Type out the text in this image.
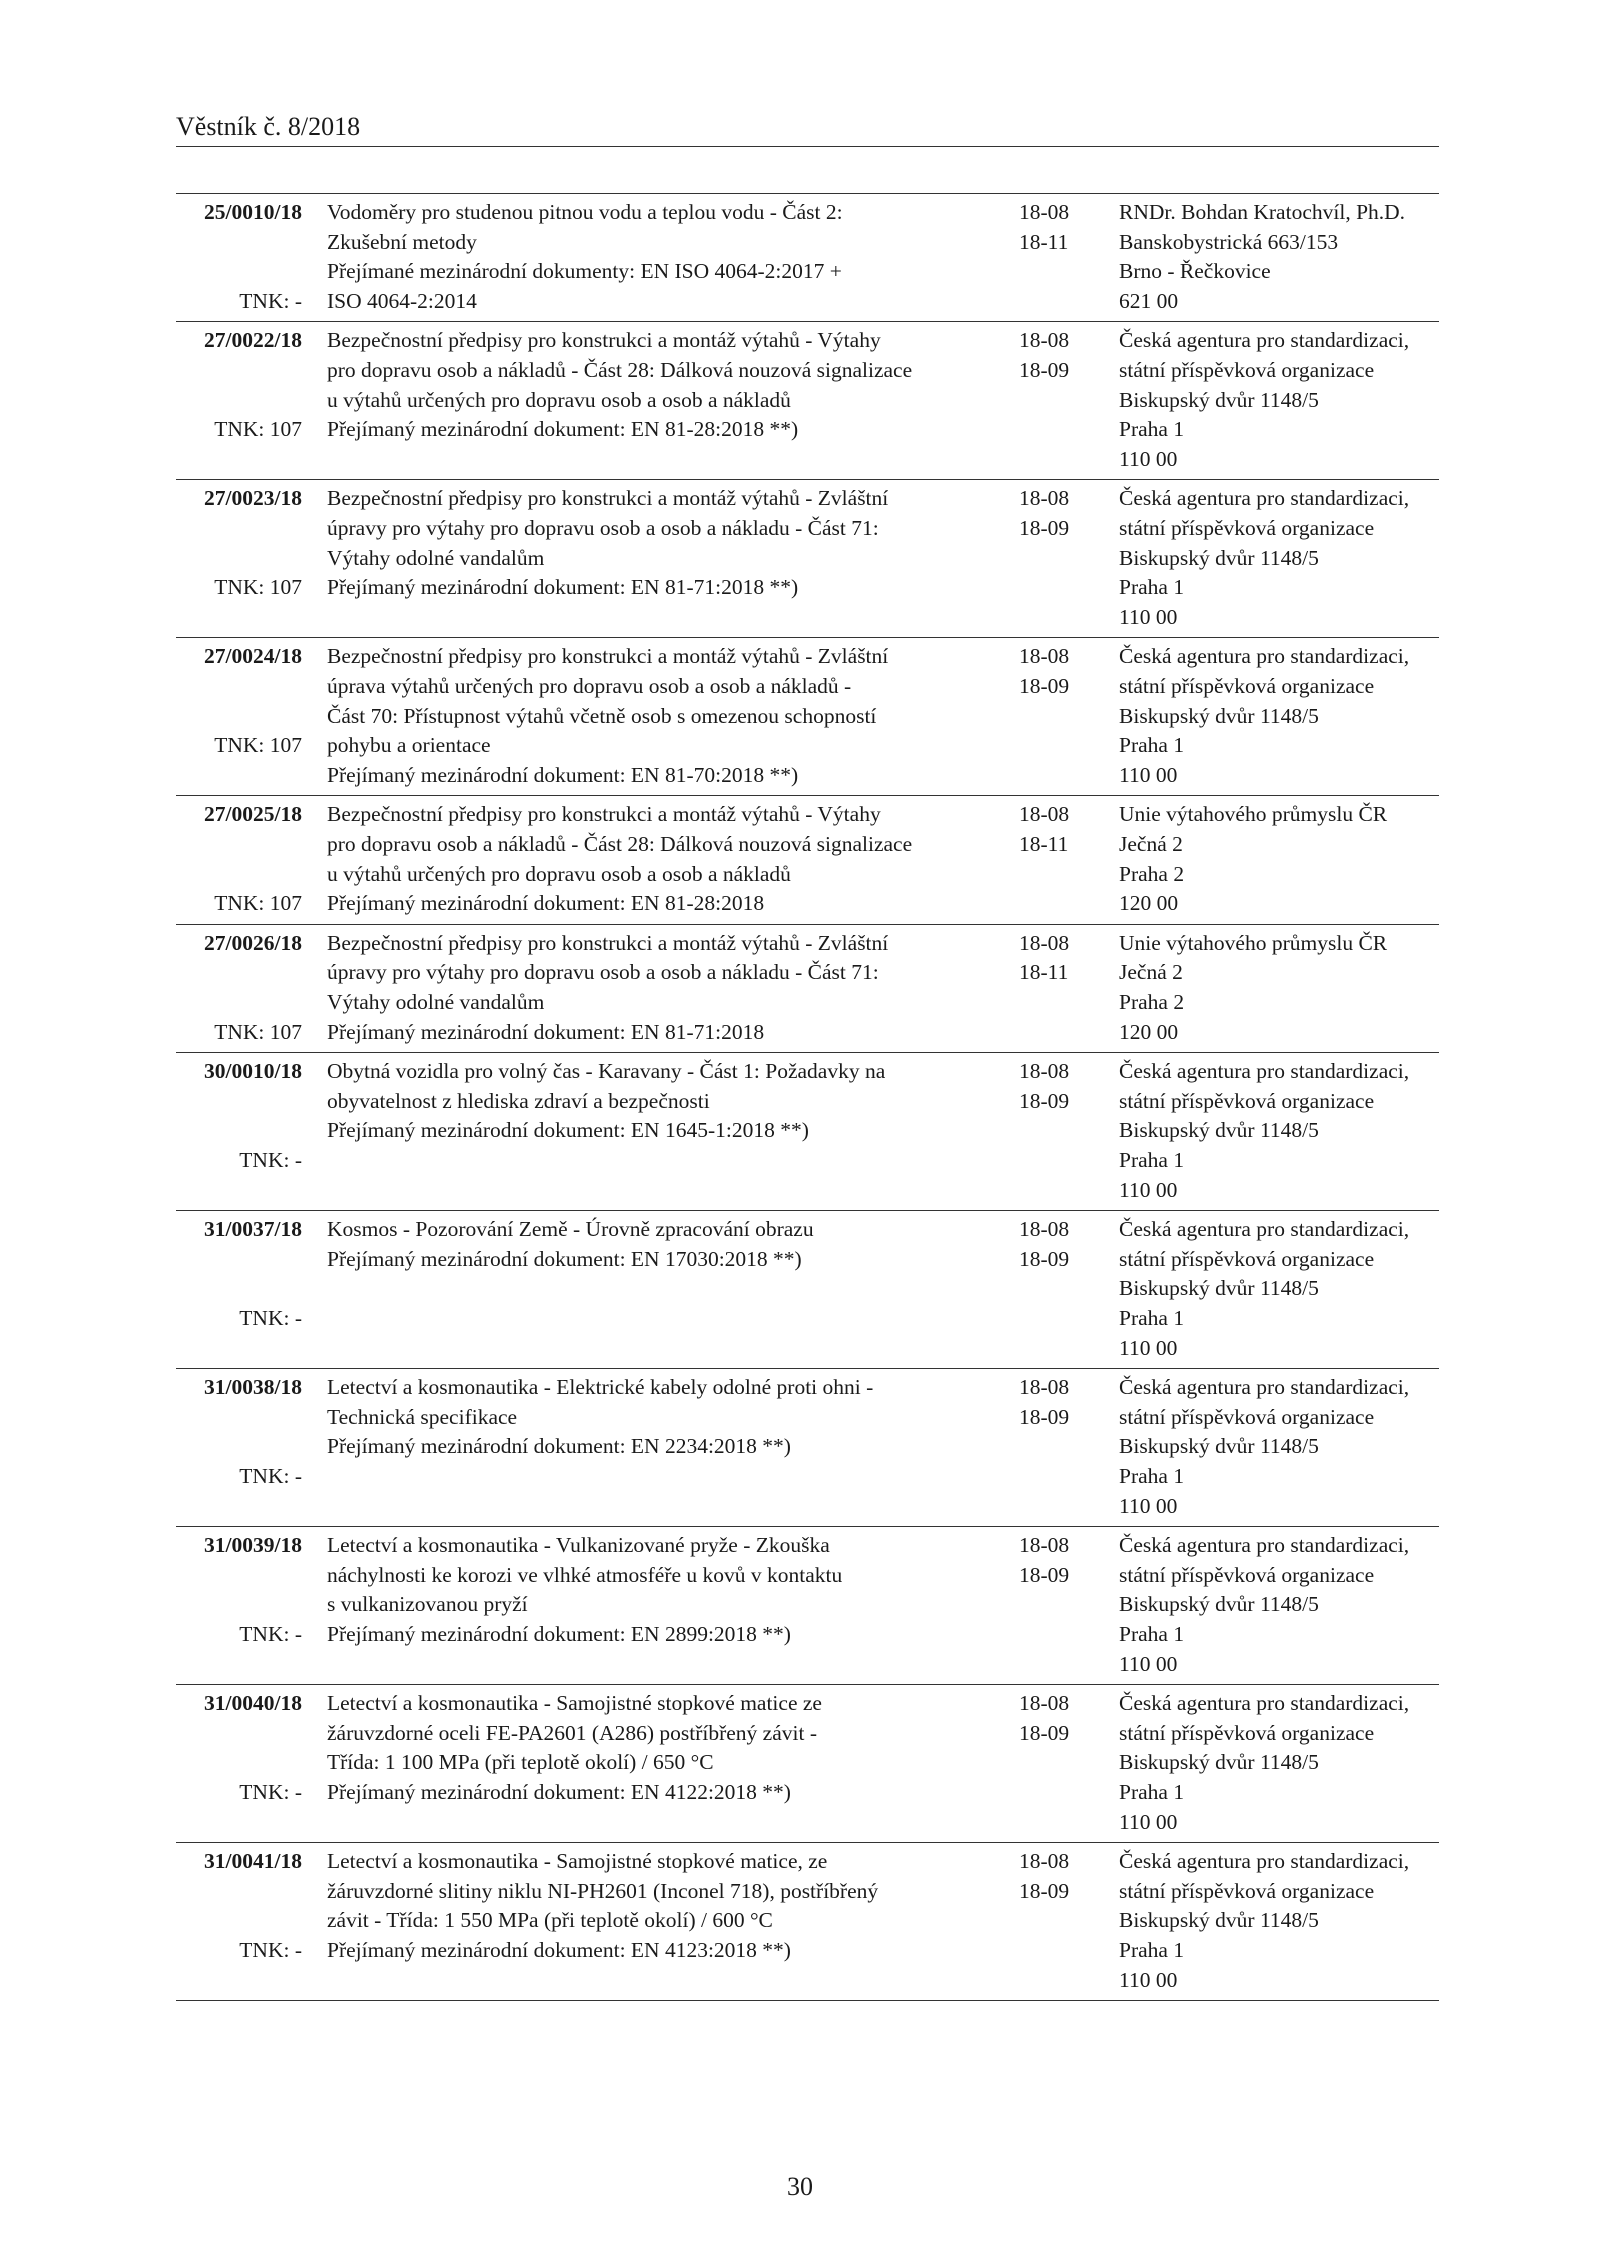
Věstník č. 8/2018
25/0010/18
TNK: -
Vodoměry pro studenou pitnou vodu a teplou vodu - Část 2:
Zkušební metody
Přejímané mezinárodní dokumenty: EN ISO 4064-2:2017 +
ISO 4064-2:2014
18-08
18-11
RNDr. Bohdan Kratochvíl, Ph.D.
Banskobystrická 663/153
Brno - Řečkovice
621 00
27/0022/18
TNK: 107
Bezpečnostní předpisy pro konstrukci a montáž výtahů - Výtahy
pro dopravu osob a nákladů - Část 28: Dálková nouzová signalizace
u výtahů určených pro dopravu osob a osob a nákladů
Přejímaný mezinárodní dokument: EN 81-28:2018 **)
18-08
18-09
Česká agentura pro standardizaci,
státní příspěvková organizace
Biskupský dvůr 1148/5
Praha 1
110 00
27/0023/18
TNK: 107
Bezpečnostní předpisy pro konstrukci a montáž výtahů - Zvláštní
úpravy pro výtahy pro dopravu osob a osob a nákladu - Část 71:
Výtahy odolné vandalům
Přejímaný mezinárodní dokument: EN 81-71:2018 **)
18-08
18-09
Česká agentura pro standardizaci,
státní příspěvková organizace
Biskupský dvůr 1148/5
Praha 1
110 00
27/0024/18
TNK: 107
Bezpečnostní předpisy pro konstrukci a montáž výtahů - Zvláštní
úprava výtahů určených pro dopravu osob a osob a nákladů -
Část 70: Přístupnost výtahů včetně osob s omezenou schopností
pohybu a orientace
Přejímaný mezinárodní dokument: EN 81-70:2018 **)
18-08
18-09
Česká agentura pro standardizaci,
státní příspěvková organizace
Biskupský dvůr 1148/5
Praha 1
110 00
27/0025/18
TNK: 107
Bezpečnostní předpisy pro konstrukci a montáž výtahů - Výtahy
pro dopravu osob a nákladů - Část 28: Dálková nouzová signalizace
u výtahů určených pro dopravu osob a osob a nákladů
Přejímaný mezinárodní dokument: EN 81-28:2018
18-08
18-11
Unie výtahového průmyslu ČR
Ječná 2
Praha 2
120 00
27/0026/18
TNK: 107
Bezpečnostní předpisy pro konstrukci a montáž výtahů - Zvláštní
úpravy pro výtahy pro dopravu osob a osob a nákladu - Část 71:
Výtahy odolné vandalům
Přejímaný mezinárodní dokument: EN 81-71:2018
18-08
18-11
Unie výtahového průmyslu ČR
Ječná 2
Praha 2
120 00
30/0010/18
TNK: -
Obytná vozidla pro volný čas - Karavany - Část 1: Požadavky na
obyvatelnost z hlediska zdraví a bezpečnosti
Přejímaný mezinárodní dokument: EN 1645-1:2018 **)
18-08
18-09
Česká agentura pro standardizaci,
státní příspěvková organizace
Biskupský dvůr 1148/5
Praha 1
110 00
31/0037/18
TNK: -
Kosmos - Pozorování Země - Úrovně zpracování obrazu
Přejímaný mezinárodní dokument: EN 17030:2018 **)
18-08
18-09
Česká agentura pro standardizaci,
státní příspěvková organizace
Biskupský dvůr 1148/5
Praha 1
110 00
31/0038/18
TNK: -
Letectví a kosmonautika - Elektrické kabely odolné proti ohni -
Technická specifikace
Přejímaný mezinárodní dokument: EN 2234:2018 **)
18-08
18-09
Česká agentura pro standardizaci,
státní příspěvková organizace
Biskupský dvůr 1148/5
Praha 1
110 00
31/0039/18
TNK: -
Letectví a kosmonautika - Vulkanizované pryže - Zkouška
náchylnosti ke korozi ve vlhké atmosféře u kovů v kontaktu
s vulkanizovanou pryží
Přejímaný mezinárodní dokument: EN 2899:2018 **)
18-08
18-09
Česká agentura pro standardizaci,
státní příspěvková organizace
Biskupský dvůr 1148/5
Praha 1
110 00
31/0040/18
TNK: -
Letectví a kosmonautika - Samojistné stopkové matice ze
žáruvzdorné oceli FE-PA2601 (A286) postříbřený závit -
Třída: 1 100 MPa (při teplotě okolí) / 650 °C
Přejímaný mezinárodní dokument: EN 4122:2018 **)
18-08
18-09
Česká agentura pro standardizaci,
státní příspěvková organizace
Biskupský dvůr 1148/5
Praha 1
110 00
31/0041/18
TNK: -
Letectví a kosmonautika - Samojistné stopkové matice, ze
žáruvzdorné slitiny niklu NI-PH2601 (Inconel 718), postříbřený
závit - Třída: 1 550 MPa (při teplotě okolí) / 600 °C
Přejímaný mezinárodní dokument: EN 4123:2018 **)
18-08
18-09
Česká agentura pro standardizaci,
státní příspěvková organizace
Biskupský dvůr 1148/5
Praha 1
110 00
30
